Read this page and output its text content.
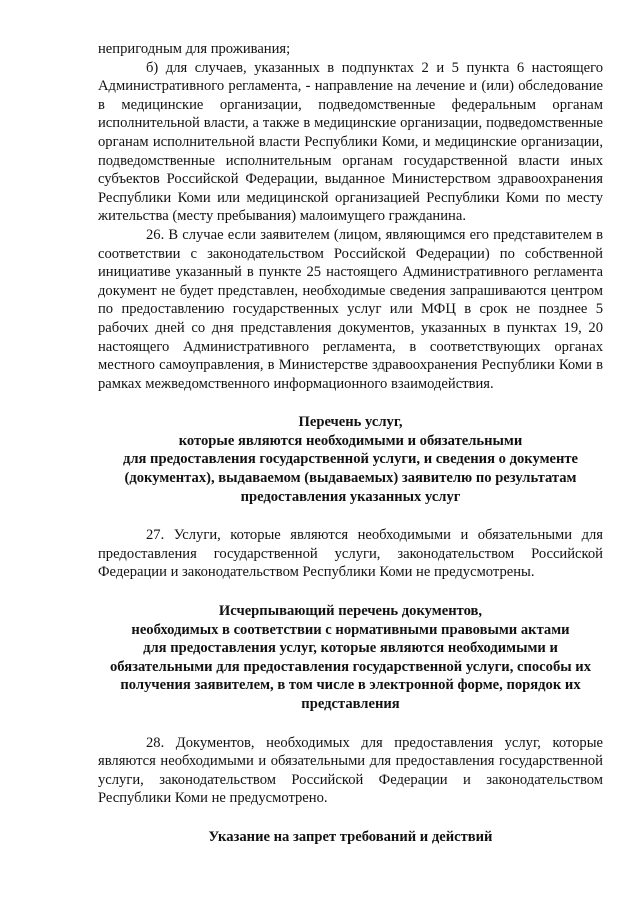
непригодным для проживания;

б) для случаев, указанных в подпунктах 2 и 5 пункта 6 настоящего Административного регламента, - направление на лечение и (или) обследование в медицинские организации, подведомственные федеральным органам исполнительной власти, а также в медицинские организации, подведомственные органам исполнительной власти Республики Коми, и медицинские организации, подведомственные исполнительным органам государственной власти иных субъектов Российской Федерации, выданное Министерством здравоохранения Республики Коми или медицинской организацией Республики Коми по месту жительства (месту пребывания) малоимущего гражданина.

26. В случае если заявителем (лицом, являющимся его представителем в соответствии с законодательством Российской Федерации) по собственной инициативе указанный в пункте 25 настоящего Административного регламента документ не будет представлен, необходимые сведения запрашиваются центром по предоставлению государственных услуг или МФЦ в срок не позднее 5 рабочих дней со дня представления документов, указанных в пунктах 19, 20 настоящего Административного регламента, в соответствующих органах местного самоуправления, в Министерстве здравоохранения Республики Коми в рамках межведомственного информационного взаимодействия.

Перечень услуг,
которые являются необходимыми и обязательными
для предоставления государственной услуги, и сведения о документе
(документах), выдаваемом (выдаваемых) заявителю по результатам
предоставления указанных услуг

27. Услуги, которые являются необходимыми и обязательными для предоставления государственной услуги, законодательством Российской Федерации и законодательством Республики Коми не предусмотрены.

Исчерпывающий перечень документов,
необходимых в соответствии с нормативными правовыми актами
для предоставления услуг, которые являются необходимыми и
обязательными для предоставления государственной услуги, способы их
получения заявителем, в том числе в электронной форме, порядок их
представления

28. Документов, необходимых для предоставления услуг, которые являются необходимыми и обязательными для предоставления государственной услуги, законодательством Российской Федерации и законодательством Республики Коми не предусмотрено.

Указание на запрет требований и действий
